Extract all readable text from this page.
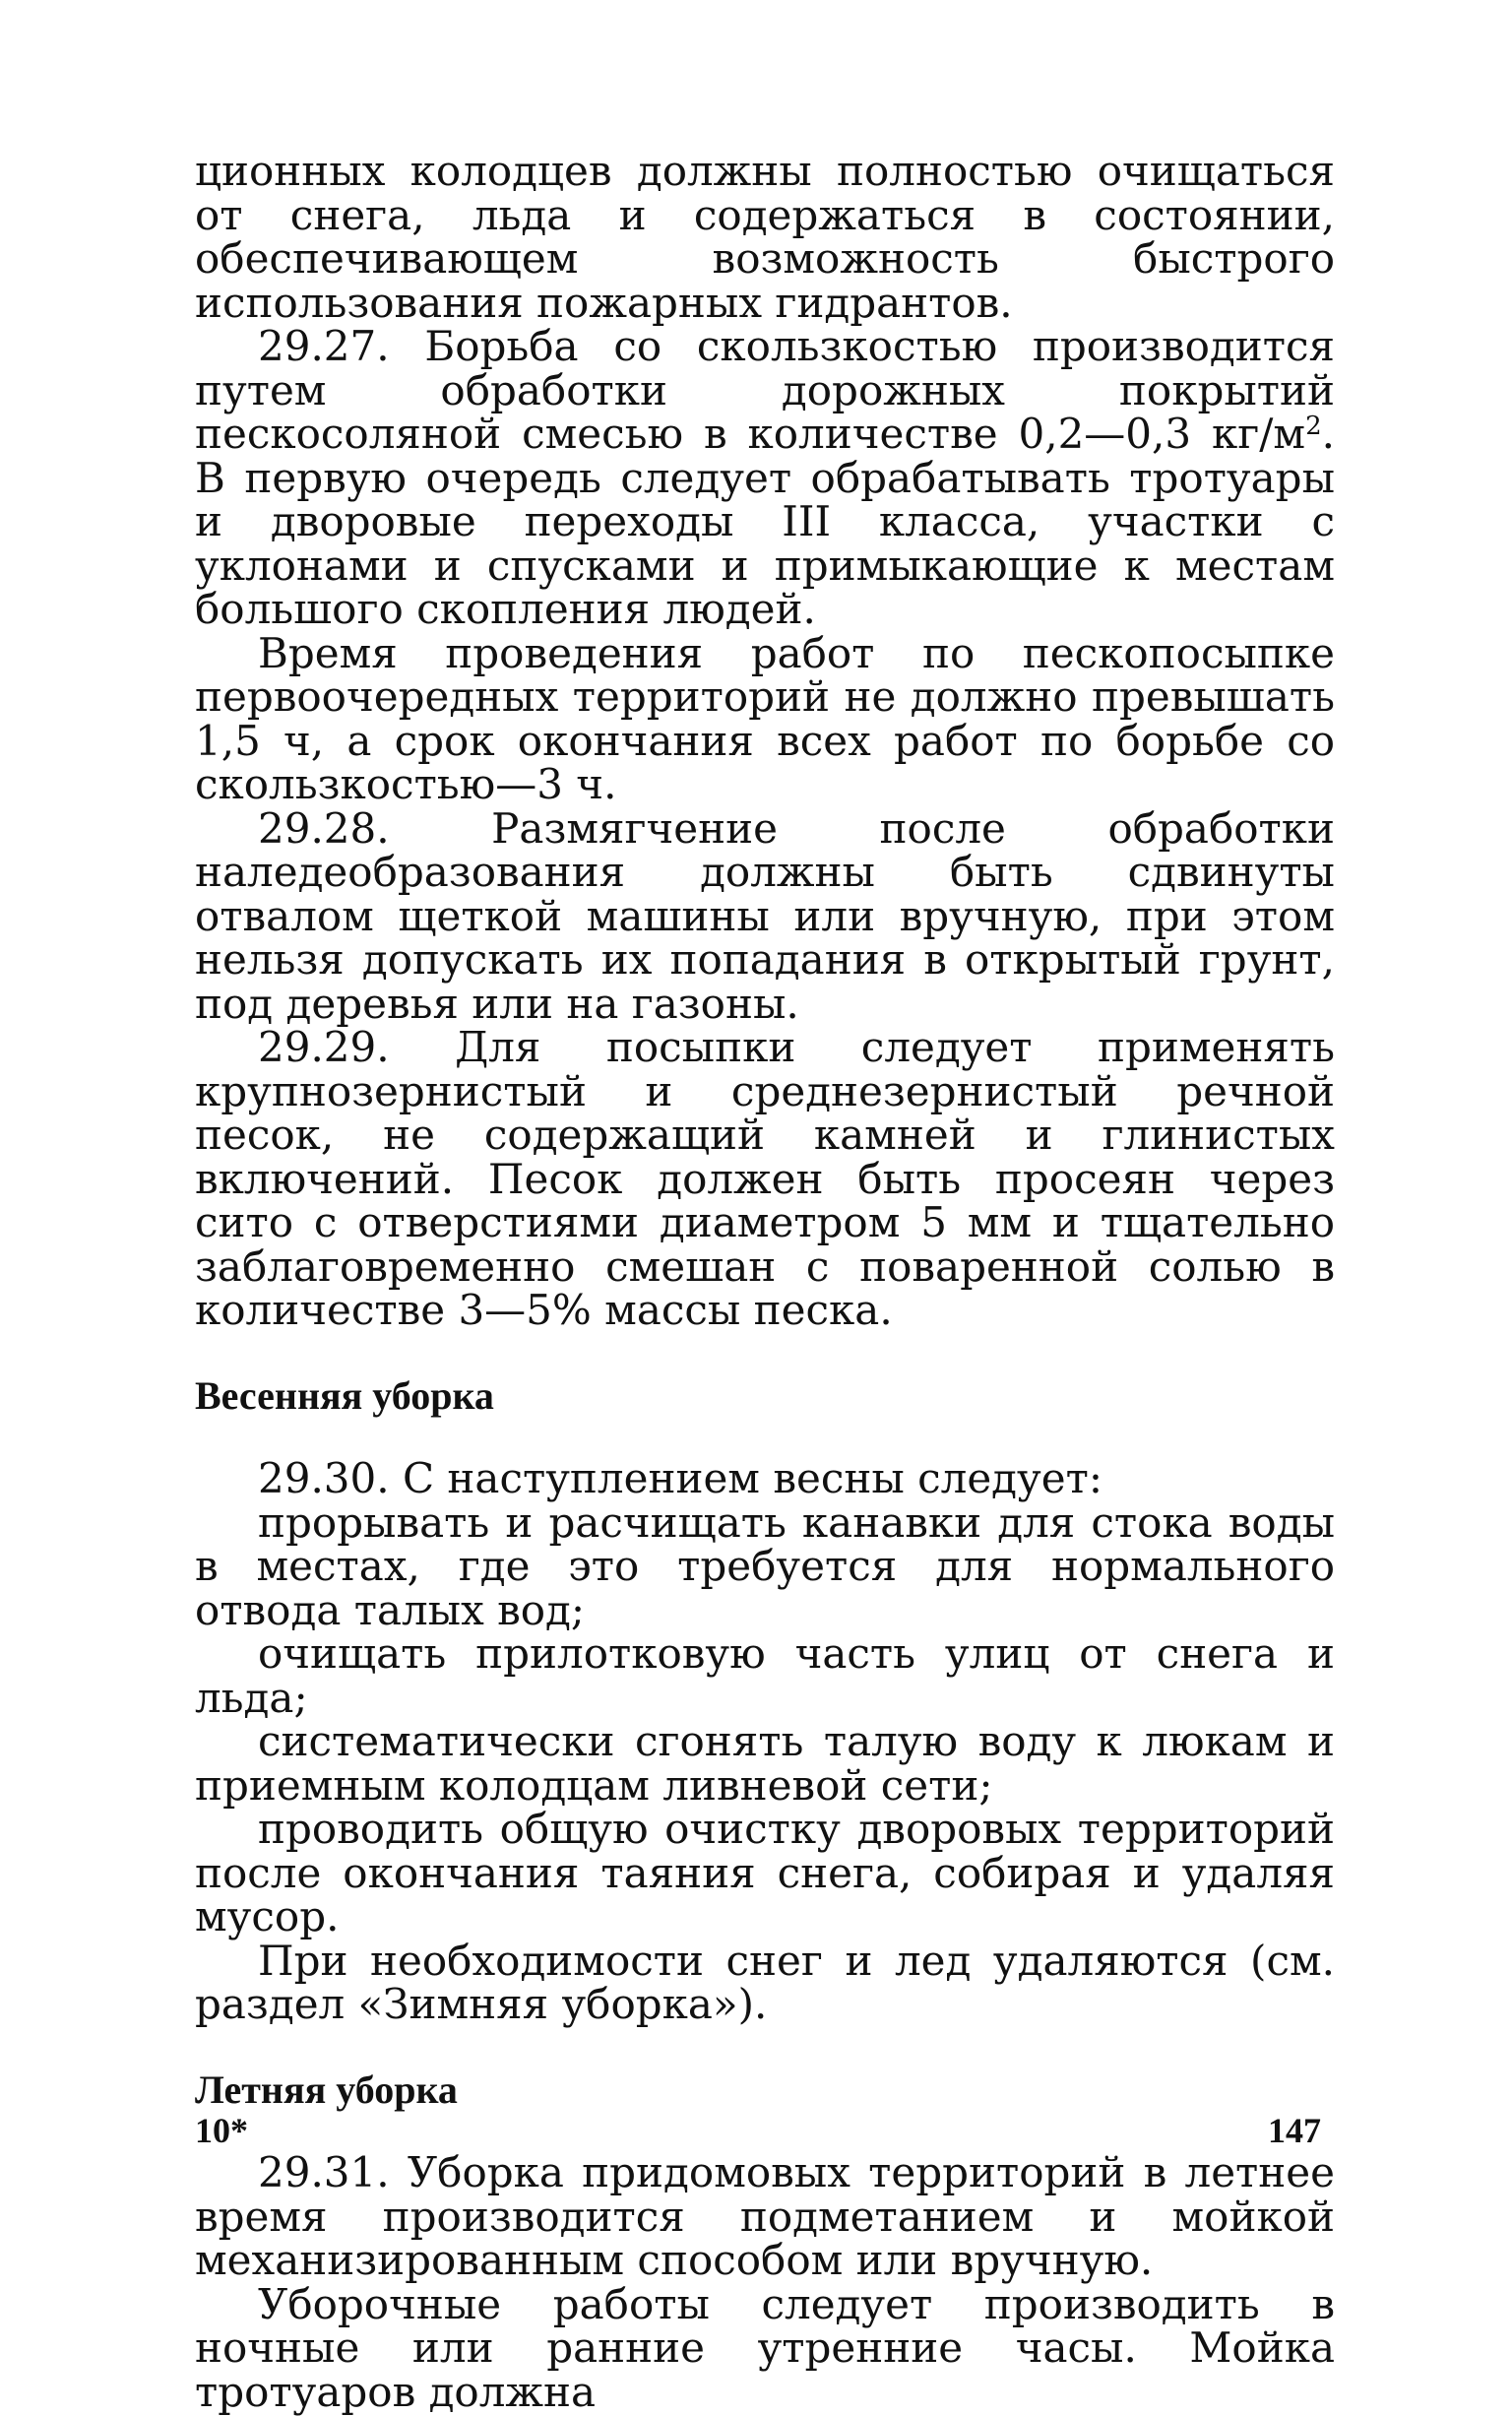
ционных колодцев должны полностью очищаться от снега, льда и содержаться в состоянии, обеспечивающем возможность быстрого использования пожарных гидрантов.

29.27. Борьба со скользкостью производится путем обработки дорожных покрытий пескосоляной смесью в количестве 0,2—0,3 $кг/м^2$. В первую очередь следует обрабатывать тротуары и дворовые переходы III класса, участки с уклонами и спусками и примыкающие к местам большого скопления людей.

Время проведения работ по пескопосыпке первоочередных территорий не должно превышать 1,5 ч, а срок окончания всех работ по борьбе со скользкостью—3 ч.

29.28. Размягчение после обработки наледеобразования должны быть сдвинуты отвалом щеткой машины или вручную, при этом нельзя допускать их попадания в открытый грунт, под деревья или на газоны.

29.29. Для посыпки следует применять крупнозернистый и среднезернистый речной песок, не содержащий камней и глинистых включений. Песок должен быть просеян через сито с отверстиями диаметром 5 мм и тщательно заблаговременно смешан с поваренной солью в количестве 3—5% массы песка.

Весенняя уборка

29.30. С наступлением весны следует:

прорывать и расчищать канавки для стока воды в местах, где это требуется для нормального отвода талых вод;

очищать прилотковую часть улиц от снега и льда;

систематически сгонять талую воду к люкам и приемным колодцам ливневой сети;

проводить общую очистку дворовых территорий после окончания таяния снега, собирая и удаляя мусор.

При необходимости снег и лед удаляются (см. раздел «Зимняя уборка»).

Летняя уборка

29.31. Уборка придомовых территорий в летнее время производится подметанием и мойкой механизированным способом или вручную.

Уборочные работы следует производить в ночные или ранние утренние часы. Мойка тротуаров должна

10*	147
